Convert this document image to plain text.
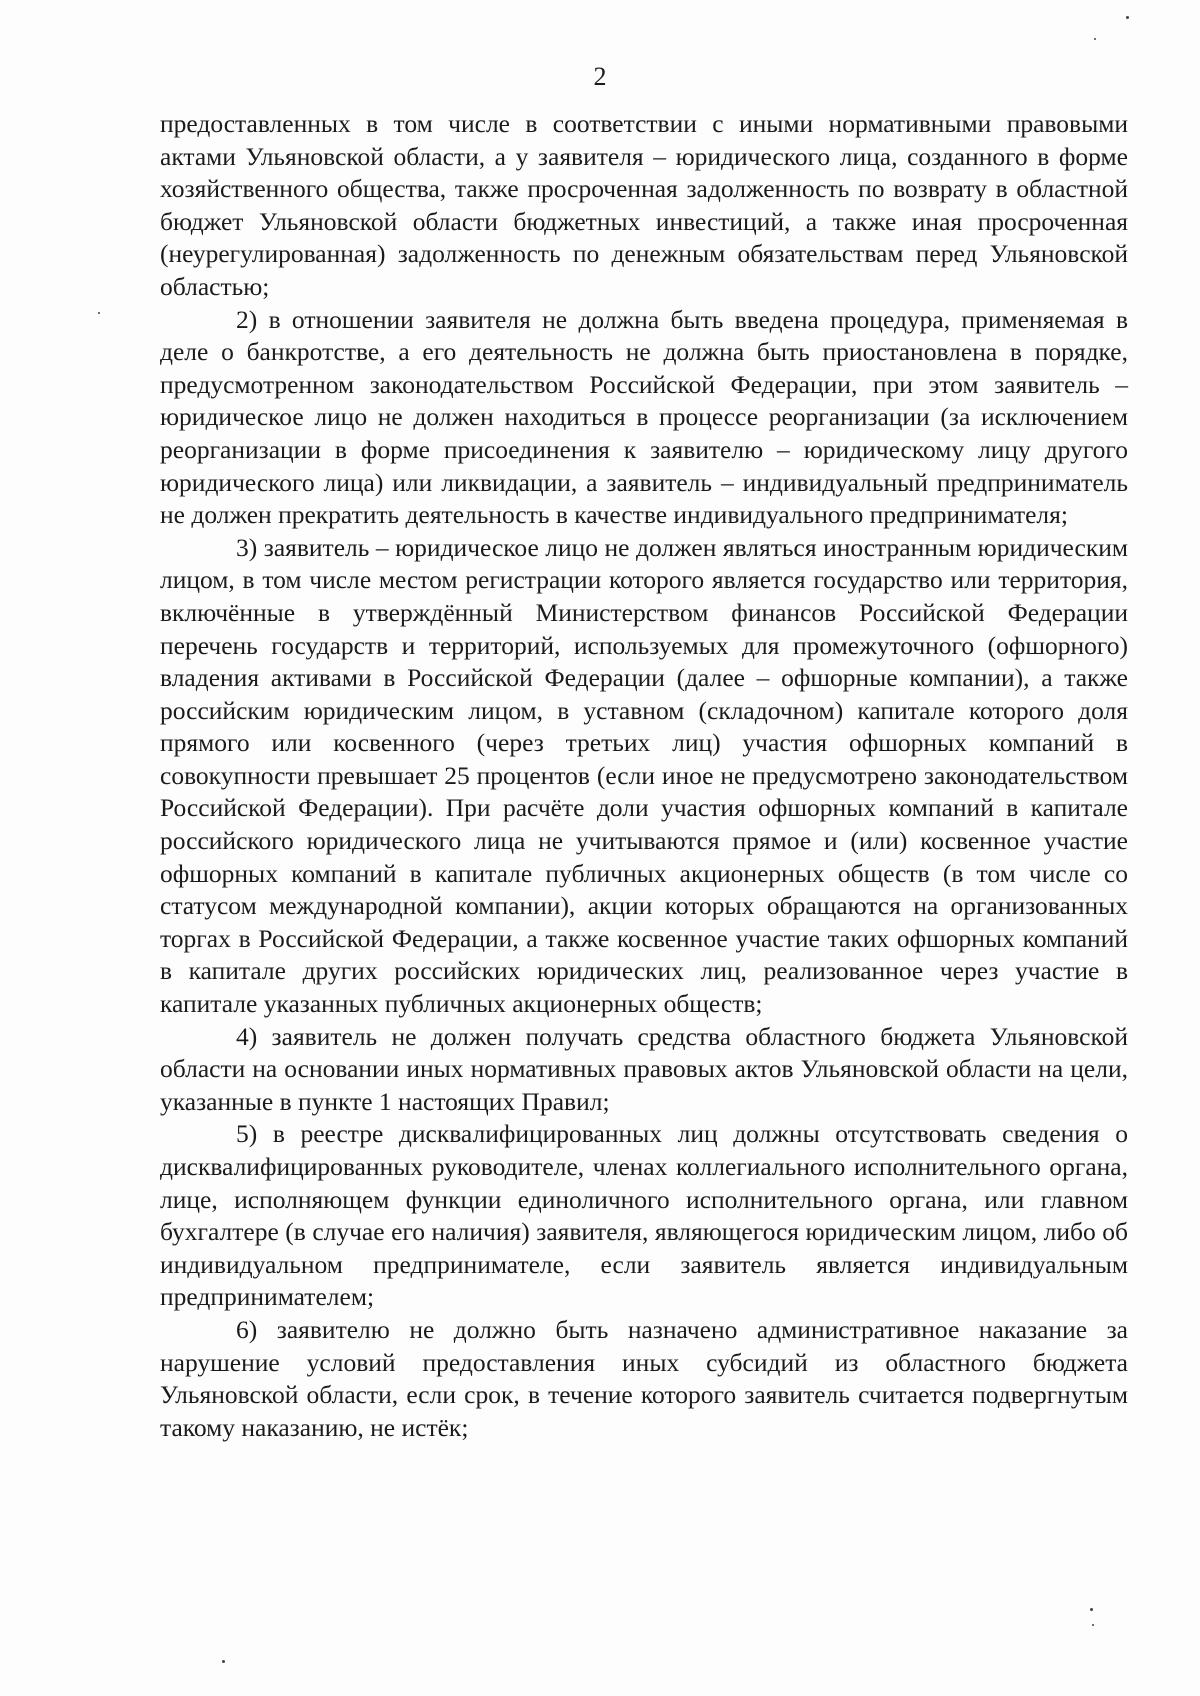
2

предоставленных в том числе в соответствии с иными нормативными правовыми актами Ульяновской области, а у заявителя – юридического лица, созданного в форме хозяйственного общества, также просроченная задолженность по возврату в областной бюджет Ульяновской области бюджетных инвестиций, а также иная просроченная (неурегулированная) задолженность по денежным обязательствам перед Ульяновской областью;

2) в отношении заявителя не должна быть введена процедура, применяемая в деле о банкротстве, а его деятельность не должна быть приостановлена в порядке, предусмотренном законодательством Российской Федерации, при этом заявитель – юридическое лицо не должен находиться в процессе реорганизации (за исключением реорганизации в форме присоединения к заявителю – юридическому лицу другого юридического лица) или ликвидации, а заявитель – индивидуальный предприниматель не должен прекратить деятельность в качестве индивидуального предпринимателя;

3) заявитель – юридическое лицо не должен являться иностранным юридическим лицом, в том числе местом регистрации которого является государство или территория, включённые в утверждённый Министерством финансов Российской Федерации перечень государств и территорий, используемых для промежуточного (офшорного) владения активами в Российской Федерации (далее – офшорные компании), а также российским юридическим лицом, в уставном (складочном) капитале которого доля прямого или косвенного (через третьих лиц) участия офшорных компаний в совокупности превышает 25 процентов (если иное не предусмотрено законодательством Российской Федерации). При расчёте доли участия офшорных компаний в капитале российского юридического лица не учитываются прямое и (или) косвенное участие офшорных компаний в капитале публичных акционерных обществ (в том числе со статусом международной компании), акции которых обращаются на организованных торгах в Российской Федерации, а также косвенное участие таких офшорных компаний в капитале других российских юридических лиц, реализованное через участие в капитале указанных публичных акционерных обществ;

4) заявитель не должен получать средства областного бюджета Ульяновской области на основании иных нормативных правовых актов Ульяновской области на цели, указанные в пункте 1 настоящих Правил;

5) в реестре дисквалифицированных лиц должны отсутствовать сведения о дисквалифицированных руководителе, членах коллегиального исполнительного органа, лице, исполняющем функции единоличного исполнительного органа, или главном бухгалтере (в случае его наличия) заявителя, являющегося юридическим лицом, либо об индивидуальном предпринимателе, если заявитель является индивидуальным предпринимателем;

6) заявителю не должно быть назначено административное наказание за нарушение условий предоставления иных субсидий из областного бюджета Ульяновской области, если срок, в течение которого заявитель считается подвергнутым такому наказанию, не истёк;
